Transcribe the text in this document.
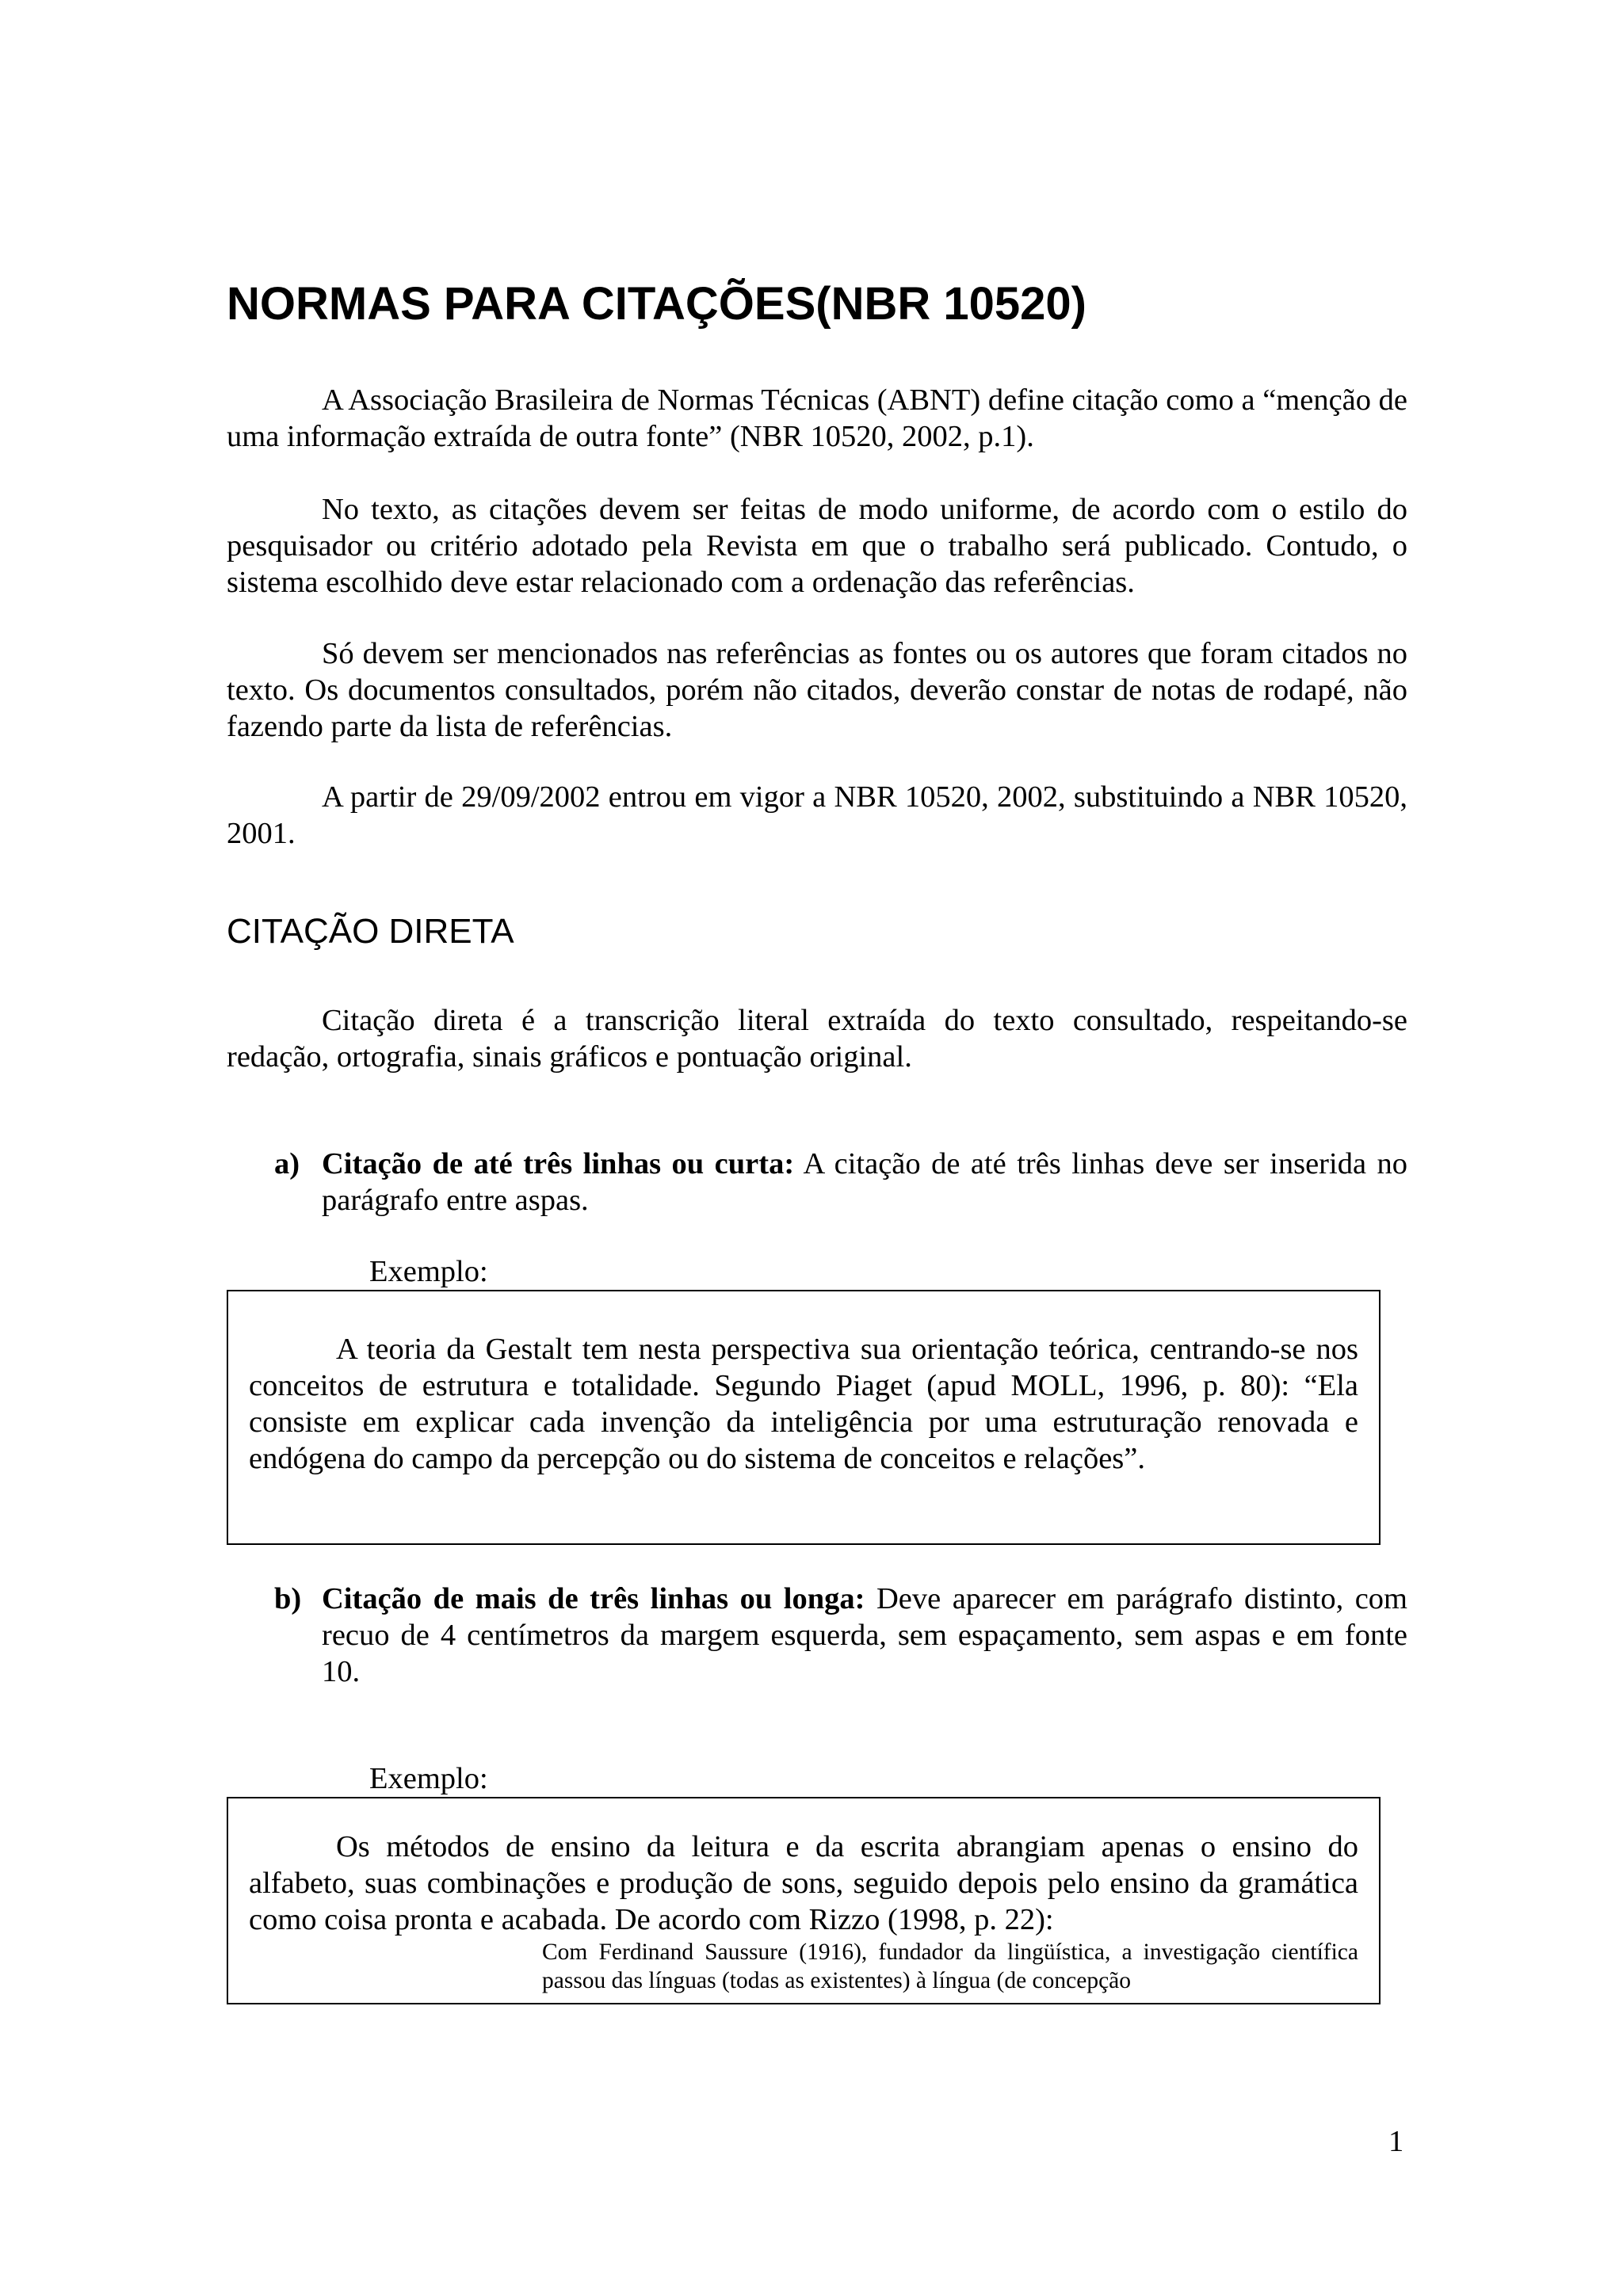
NORMAS PARA CITAÇÕES(NBR 10520)

A Associação Brasileira de Normas Técnicas (ABNT) define citação como a “menção de uma informação extraída de outra fonte” (NBR 10520, 2002, p.1).

No texto, as citações devem ser feitas de modo uniforme, de acordo com o estilo do pesquisador ou critério adotado pela Revista em que o trabalho será publicado. Contudo, o sistema escolhido deve estar relacionado com a ordenação das referências.

Só devem ser mencionados nas referências as fontes ou os autores que foram citados no texto. Os documentos consultados, porém não citados, deverão constar de notas de rodapé, não fazendo parte da lista de referências.

A partir de 29/09/2002 entrou em vigor a NBR 10520, 2002, substituindo a NBR 10520, 2001.

CITAÇÃO DIRETA

Citação direta é a transcrição literal extraída do texto consultado, respeitando-se redação, ortografia, sinais gráficos e pontuação original.

a) Citação de até três linhas ou curta: A citação de até três linhas deve ser inserida no parágrafo entre aspas.

Exemplo:

A teoria da Gestalt tem nesta perspectiva sua orientação teórica, centrando-se nos conceitos de estrutura e totalidade. Segundo Piaget (apud MOLL, 1996, p. 80): “Ela consiste em explicar cada invenção da inteligência por uma estruturação renovada e endógena do campo da percepção ou do sistema de conceitos e relações”.

b) Citação de mais de três linhas ou longa: Deve aparecer em parágrafo distinto, com recuo de 4 centímetros da margem esquerda, sem espaçamento, sem aspas e em fonte 10.

Exemplo:

Os métodos de ensino da leitura e da escrita abrangiam apenas o ensino do alfabeto, suas combinações e produção de sons, seguido depois pelo ensino da gramática como coisa pronta e acabada. De acordo com Rizzo (1998, p. 22):

Com Ferdinand Saussure (1916), fundador da lingüística, a investigação científica passou das línguas (todas as existentes) à língua (de concepção

1
